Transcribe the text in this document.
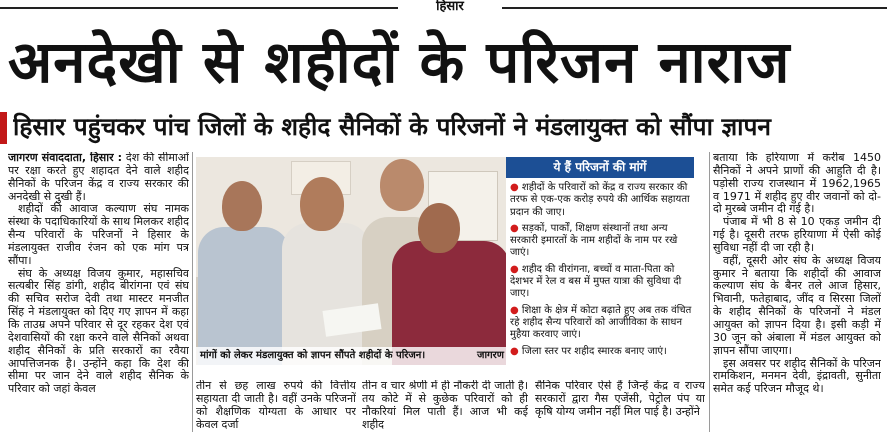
हिसार
अनदेखी से शहीदों के परिजन नाराज
हिसार पहुंचकर पांच जिलों के शहीद सैनिकों के परिजनों ने मंडलायुक्त को सौंपा ज्ञापन

जागरण संवाददाता, हिसार : देश की सीमाओं पर रक्षा करते हुए शहादत देने वाले शहीद सैनिकों के परिजन केंद्र व राज्य सरकार की अनदेखी से दुखी हैं।

शहीदों की आवाज कल्याण संघ नामक संस्था के पदाधिकारियों के साथ मिलकर शहीद सैन्य परिवारों के परिजनों ने हिसार के मंडलायुक्त राजीव रंजन को एक मांग पत्र सौंपा।

संघ के अध्यक्ष विजय कुमार, महासचिव सत्यबीर सिंह डांगी, शहीद बीरांगना एवं संघ की सचिव सरोज देवी तथा मास्टर मनजीत सिंह ने मंडलायुक्त को दिए गए ज्ञापन में कहा कि ताउम्र अपने परिवार से दूर रहकर देश एवं देशवासियों की रक्षा करने वाले सैनिकों अथवा शहीद सैनिकों के प्रति सरकारों का रवैया आपत्तिजनक है। उन्होंने कहा कि देश की सीमा पर जान देने वाले शहीद सैनिक के परिवार को जहां केवल

मांगों को लेकर मंडलायुक्त को ज्ञापन सौंपते शहीदों के परिजन।	जागरण
ये हैं परिजनों की मांगें
● शहीदों के परिवारों को केंद्र व राज्य सरकार की तरफ से एक-एक करोड़ रुपये की आर्थिक सहायता प्रदान की जाए।
● सड़कों, पार्कों, शिक्षण संस्थानों तथा अन्य सरकारी इमारतों के नाम शहीदों के नाम पर रखे जाएं।
● शहीद की वीरांगना, बच्चों व माता-पिता को देशभर में रेल व बस में मुफ्त यात्रा की सुविधा दी जाए।
● शिक्षा के क्षेत्र में कोटा बढ़ाते हुए अब तक वंचित रहे शहीद सैन्य परिवारों को आजीविका के साधन मुहैया करवाए जाएं।
● जिला स्तर पर शहीद स्मारक बनाए जाएं।

तीन से छह लाख रुपये की वित्तीय सहायता दी जाती है। वहीं उनके परिजनों को शैक्षणिक योग्यता के आधार पर केवल दर्जा

तीन व चार श्रेणी में ही नौकरी दी जाती है। तय कोटे में से कुछेक परिवारों को ही नौकरियां मिल पाती हैं। आज भी कई शहीद

सैनिक परिवार ऐसे हैं जिन्हें केंद्र व राज्य सरकारों द्वारा गैस एजेंसी, पेट्रोल पंप या कृषि योग्य जमीन नहीं मिल पाई है। उन्होंने

बताया कि हरियाणा में करीब 1450 सैनिकों ने अपने प्राणों की आहुति दी है। पड़ोसी राज्य राजस्थान में 1962,1965 व 1971 में शहीद हुए वीर जवानों को दो-दो मुरब्बे जमीन दी गई है।

पंजाब में भी 8 से 10 एकड़ जमीन दी गई है। दूसरी तरफ हरियाणा में ऐसी कोई सुविधा नहीं दी जा रही है।

वहीं, दूसरी ओर संघ के अध्यक्ष विजय कुमार ने बताया कि शहीदों की आवाज कल्याण संघ के बैनर तले आज हिसार, भिवानी, फतेहाबाद, जींद व सिरसा जिलों के शहीद सैनिकों के परिजनों ने मंडल आयुक्त को ज्ञापन दिया है। इसी कड़ी में 30 जून को अंबाला में मंडल आयुक्त को ज्ञापन सौंपा जाएगा।

इस अवसर पर शहीद सैनिकों के परिजन रामकिशन, मनमन देवी, इंद्रावती, सुनीता समेत कई परिजन मौजूद थे।
